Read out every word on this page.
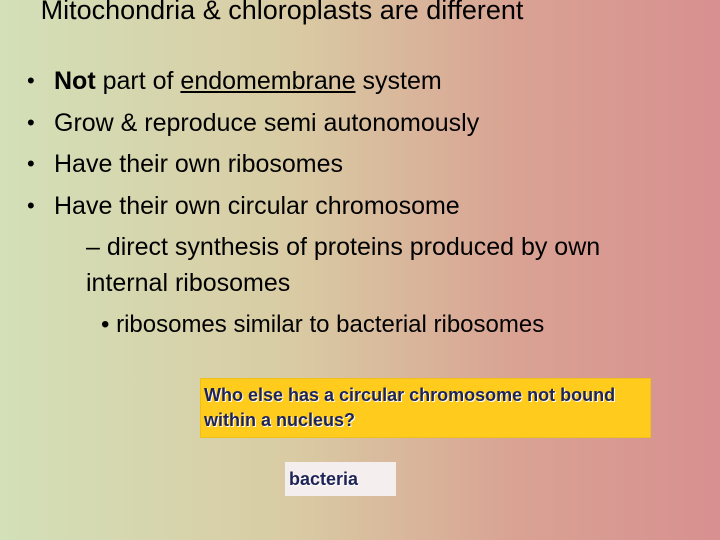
Mitochondria & chloroplasts are different
• Not part of endomembrane system
• Grow & reproduce semi autonomously
• Have their own ribosomes
• Have their own circular chromosome
– direct synthesis of proteins produced by own
internal ribosomes
• ribosomes similar to bacterial ribosomes
Who else has a circular chromosome not bound within a nucleus?
bacteria
